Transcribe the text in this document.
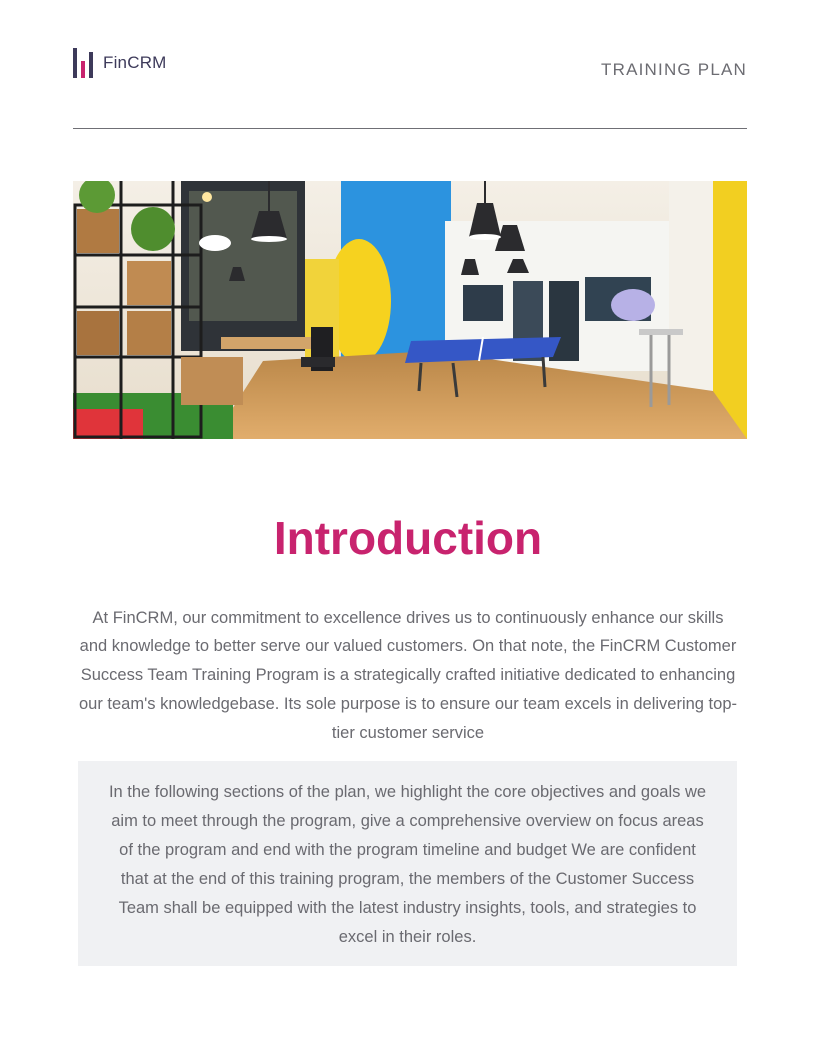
FinCRM	TRAINING PLAN
Introduction

At FinCRM, our commitment to excellence drives us to continuously enhance our skills and knowledge to better serve our valued customers. On that note, the FinCRM Customer Success Team Training Program is a strategically crafted initiative dedicated to enhancing our team's knowledgebase. Its sole purpose is to ensure our team excels in delivering top-tier customer service

In the following sections of the plan, we highlight the core objectives and goals we aim to meet through the program, give a comprehensive overview on focus areas of the program and end with the program timeline and budget We are confident that at the end of this training program, the members of the Customer Success Team shall be equipped with the latest industry insights, tools, and strategies to excel in their roles.
